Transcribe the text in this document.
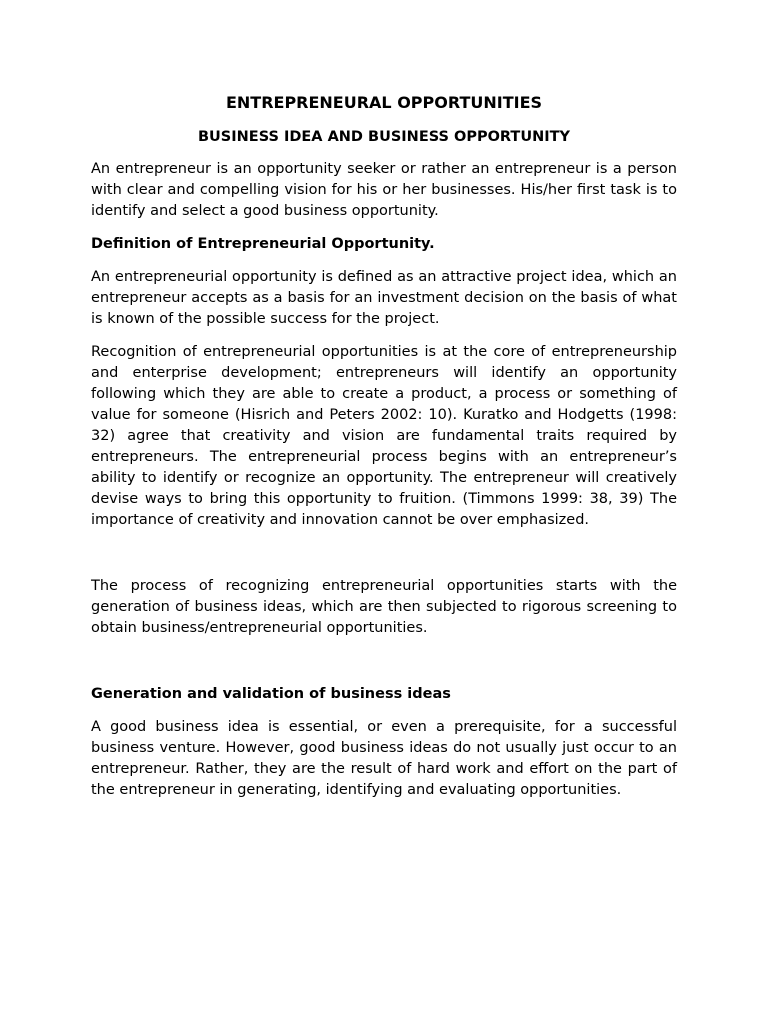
ENTREPRENEURAL OPPORTUNITIES
BUSINESS IDEA AND BUSINESS OPPORTUNITY

An entrepreneur is an opportunity seeker or rather an entrepreneur is a person with clear and compelling vision for his or her businesses. His/her first task is to identify and select a good business opportunity.

Definition of Entrepreneurial Opportunity.

An entrepreneurial opportunity is defined as an attractive project idea, which an entrepreneur accepts as a basis for an investment decision on the basis of what is known of the possible success for the project.

Recognition of entrepreneurial opportunities is at the core of entrepreneurship and enterprise development; entrepreneurs will identify an opportunity following which they are able to create a product, a process or something of value for someone (Hisrich and Peters 2002: 10). Kuratko and Hodgetts (1998: 32) agree that creativity and vision are fundamental traits required by entrepreneurs. The entrepreneurial process begins with an entrepreneur’s ability to identify or recognize an opportunity. The entrepreneur will creatively devise ways to bring this opportunity to fruition. (Timmons 1999: 38, 39) The importance of creativity and innovation cannot be over emphasized.

The process of recognizing entrepreneurial opportunities starts with the generation of business ideas, which are then subjected to rigorous screening to obtain business/entrepreneurial opportunities.

Generation and validation of business ideas

A good business idea is essential, or even a prerequisite, for a successful business venture. However, good business ideas do not usually just occur to an entrepreneur. Rather, they are the result of hard work and effort on the part of the entrepreneur in generating, identifying and evaluating opportunities.
